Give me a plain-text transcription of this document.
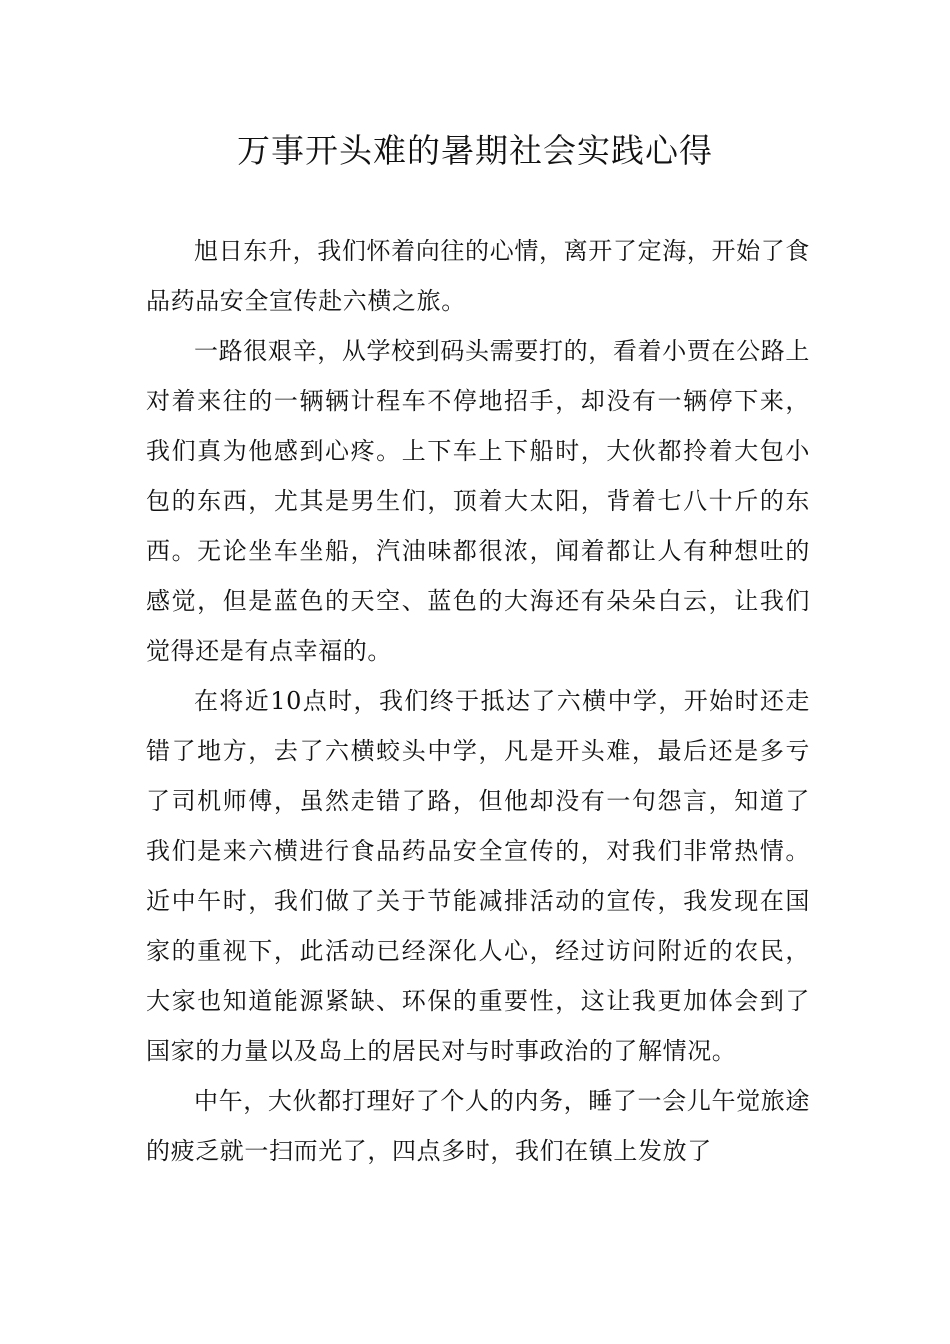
万事开头难的暑期社会实践心得

旭日东升，我们怀着向往的心情，离开了定海，开始了食品药品安全宣传赴六横之旅。

一路很艰辛，从学校到码头需要打的，看着小贾在公路上对着来往的一辆辆计程车不停地招手，却没有一辆停下来，我们真为他感到心疼。上下车上下船时，大伙都拎着大包小包的东西，尤其是男生们，顶着大太阳，背着七八十斤的东西。无论坐车坐船，汽油味都很浓，闻着都让人有种想吐的感觉，但是蓝色的天空、蓝色的大海还有朵朵白云，让我们觉得还是有点幸福的。

在将近10点时，我们终于抵达了六横中学，开始时还走错了地方，去了六横蛟头中学，凡是开头难，最后还是多亏了司机师傅，虽然走错了路，但他却没有一句怨言，知道了我们是来六横进行食品药品安全宣传的，对我们非常热情。近中午时，我们做了关于节能减排活动的宣传，我发现在国家的重视下，此活动已经深化人心，经过访问附近的农民，大家也知道能源紧缺、环保的重要性，这让我更加体会到了国家的力量以及岛上的居民对与时事政治的了解情况。

中午，大伙都打理好了个人的内务，睡了一会儿午觉旅途的疲乏就一扫而光了，四点多时，我们在镇上发放了
